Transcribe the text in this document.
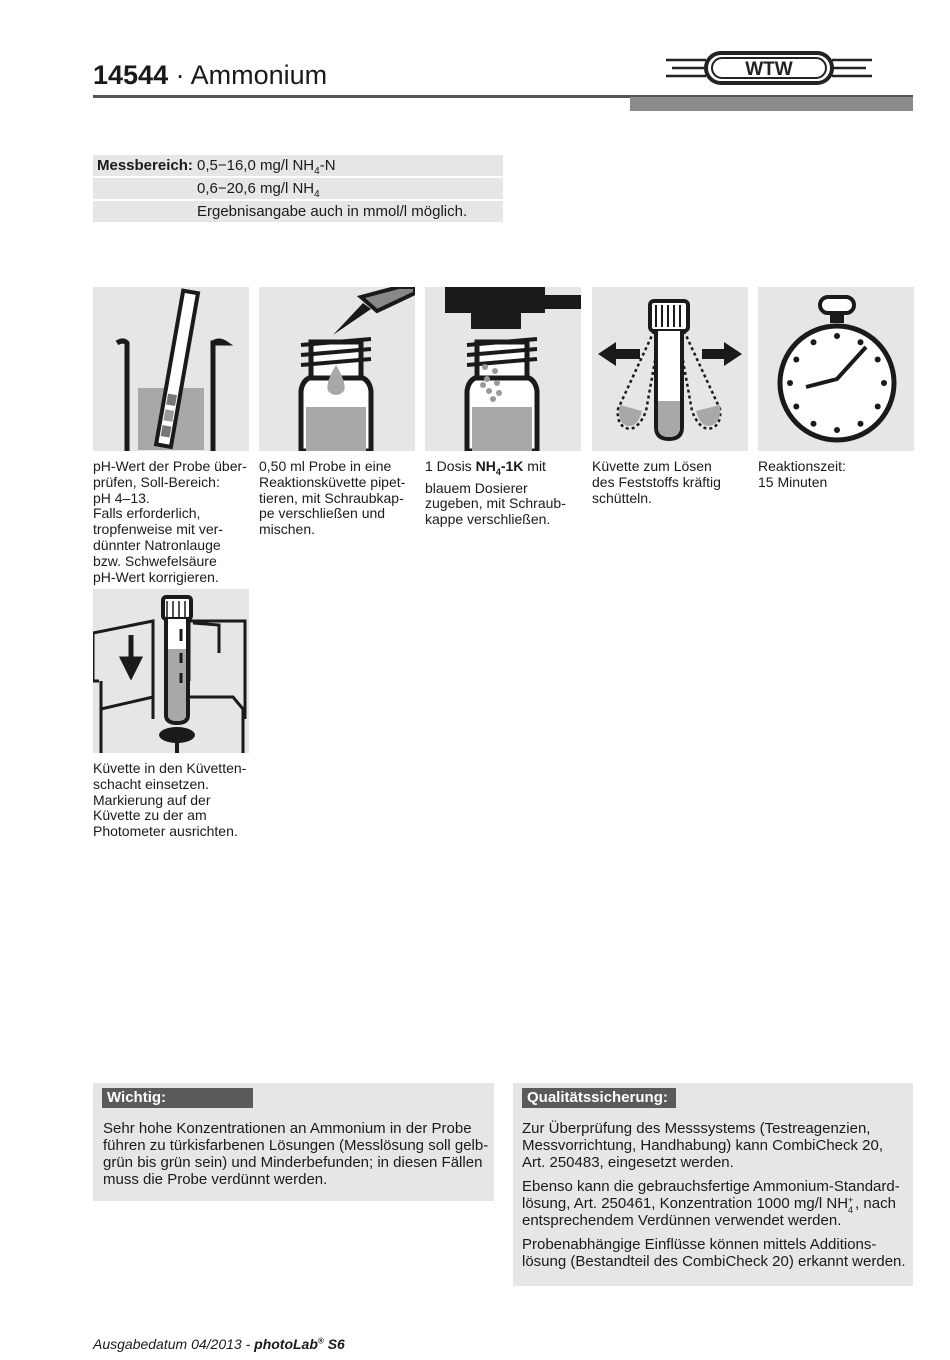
14544 · Ammonium	WTW
Messbereich: 0,5−16,0 mg/l $NH_4-N$
0,6−20,6 mg/l $NH_4$
Ergebnisangabe auch in mmol/l möglich.
pH-Wert der Probe über-
prüfen, Soll-Bereich:
pH 4–13.
Falls erforderlich,
tropfenweise mit ver-
dünnter Natronlauge
bzw. Schwefelsäure
pH-Wert korrigieren.
0,50 ml Probe in eine
Reaktionsküvette pipet-
tieren, mit Schraubkap-
pe verschließen und
mischen.
1 Dosis $NH_4-1K$ mit
blauem Dosierer
zugeben, mit Schraub-
kappe verschließen.
Küvette zum Lösen
des Feststoffs kräftig
schütteln.
Reaktionszeit:
15 Minuten
Küvette in den Küvetten-
schacht einsetzen.
Markierung auf der
Küvette zu der am
Photometer ausrichten.
Wichtig:

Sehr hohe Konzentrationen an Ammonium in der Probe

führen zu türkisfarbenen Lösungen (Messlösung soll gelb-

grün bis grün sein) und Minderbefunden; in diesen Fällen

muss die Probe verdünnt werden.

Qualitätssicherung:

Zur Überprüfung des Messsystems (Testreagenzien,

Messvorrichtung, Handhabung) kann CombiCheck 20,

Art. 250483, eingesetzt werden.

Ebenso kann die gebrauchsfertige Ammonium-Standard-

lösung, Art. 250461, Konzentration 1000 mg/l NH +
4 , nach

entsprechendem Verdünnen verwendet werden.

Probenabhängige Einflüsse können mittels Additions-

lösung (Bestandteil des CombiCheck 20) erkannt werden.

Ausgabedatum 04/2013 - photoLab® S6
